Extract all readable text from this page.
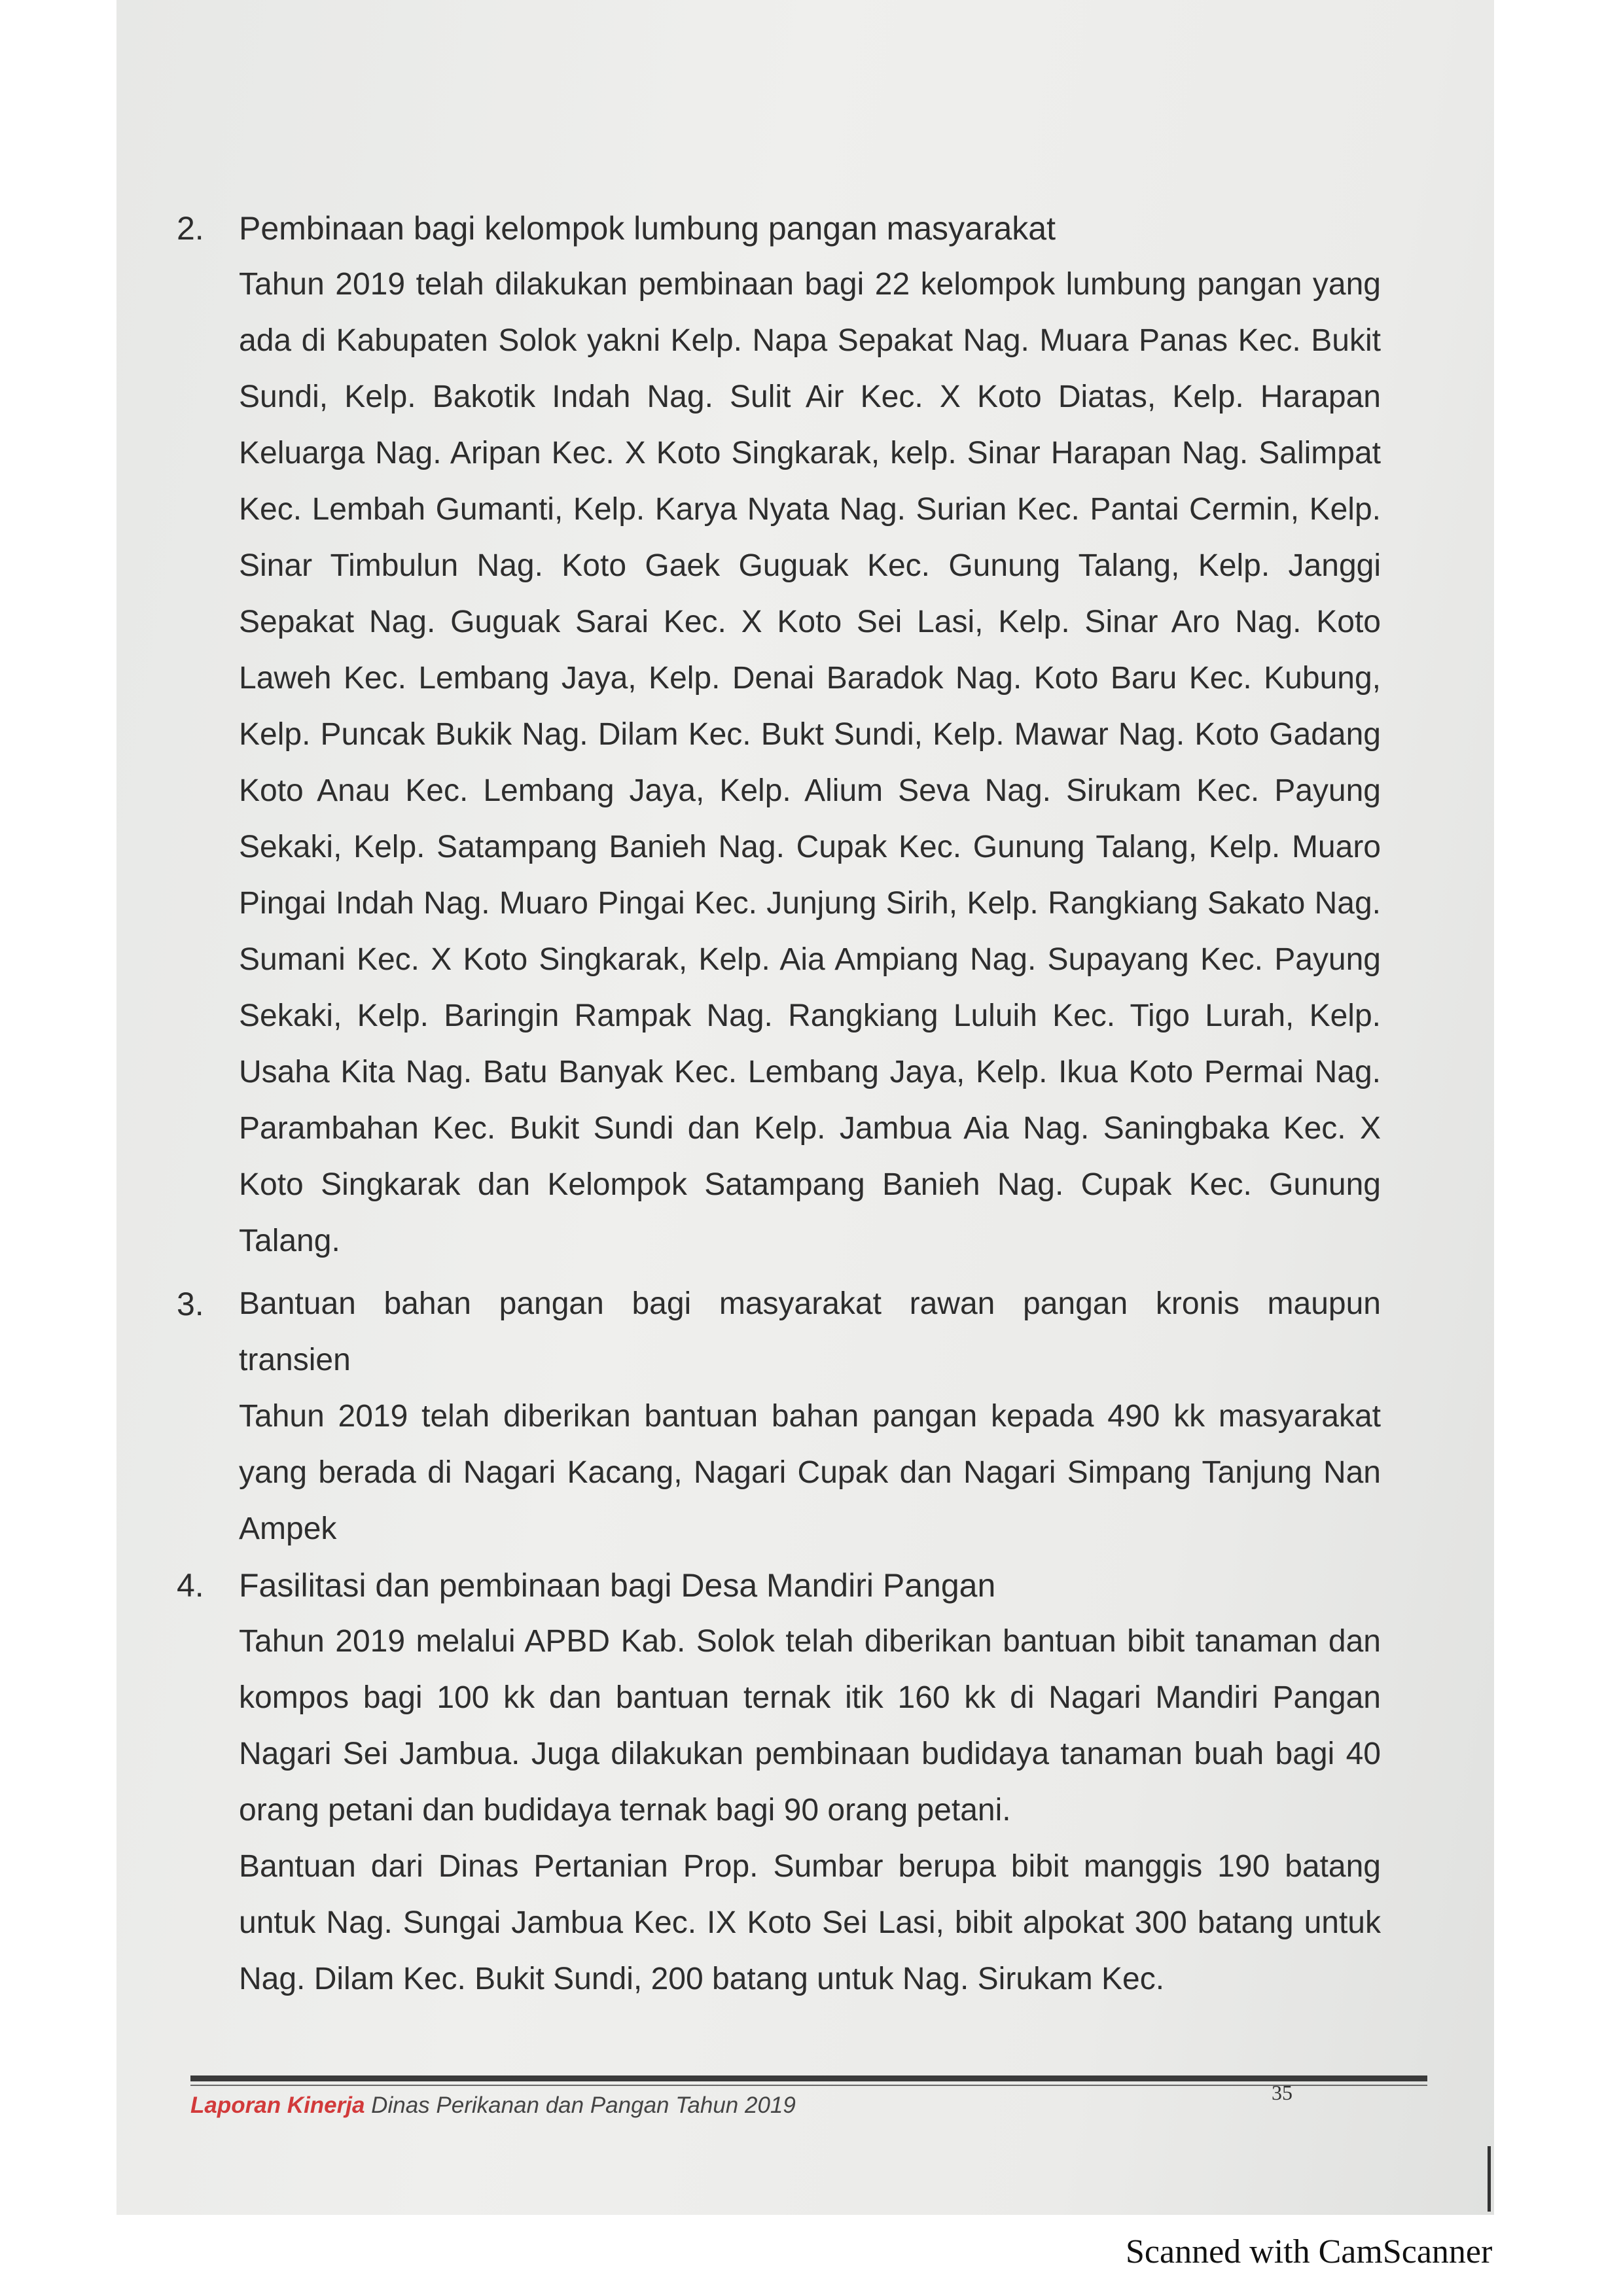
2. Pembinaan bagi kelompok lumbung pangan masyarakat

Tahun 2019 telah dilakukan pembinaan bagi 22 kelompok lumbung pangan yang ada di Kabupaten Solok yakni Kelp. Napa Sepakat Nag. Muara Panas Kec. Bukit Sundi, Kelp. Bakotik Indah Nag. Sulit Air Kec. X Koto Diatas, Kelp. Harapan Keluarga Nag. Aripan Kec. X Koto Singkarak, kelp. Sinar Harapan Nag. Salimpat Kec. Lembah Gumanti, Kelp. Karya Nyata Nag. Surian Kec. Pantai Cermin, Kelp. Sinar Timbulun Nag. Koto Gaek Guguak Kec. Gunung Talang, Kelp. Janggi Sepakat Nag. Guguak Sarai Kec. X Koto Sei Lasi, Kelp. Sinar Aro Nag. Koto Laweh Kec. Lembang Jaya, Kelp. Denai Baradok Nag. Koto Baru Kec. Kubung, Kelp. Puncak Bukik Nag. Dilam Kec. Bukt Sundi, Kelp. Mawar Nag. Koto Gadang Koto Anau Kec. Lembang Jaya, Kelp. Alium Seva Nag. Sirukam Kec. Payung Sekaki, Kelp. Satampang Banieh Nag. Cupak Kec. Gunung Talang, Kelp. Muaro Pingai Indah Nag. Muaro Pingai Kec. Junjung Sirih, Kelp. Rangkiang Sakato Nag. Sumani Kec. X Koto Singkarak, Kelp. Aia Ampiang Nag. Supayang Kec. Payung Sekaki, Kelp. Baringin Rampak Nag. Rangkiang Luluih Kec. Tigo Lurah, Kelp. Usaha Kita Nag. Batu Banyak Kec. Lembang Jaya, Kelp. Ikua Koto Permai Nag. Parambahan Kec. Bukit Sundi dan Kelp. Jambua Aia Nag. Saningbaka Kec. X Koto Singkarak dan Kelompok Satampang Banieh Nag. Cupak Kec. Gunung Talang.

3. Bantuan bahan pangan bagi masyarakat rawan pangan kronis maupun

transien

Tahun 2019 telah diberikan bantuan bahan pangan kepada 490 kk masyarakat yang berada di Nagari Kacang, Nagari Cupak dan Nagari Simpang Tanjung Nan Ampek

4. Fasilitasi dan pembinaan bagi Desa Mandiri Pangan

Tahun 2019 melalui APBD Kab. Solok telah diberikan bantuan bibit tanaman dan kompos bagi 100 kk dan bantuan ternak itik 160 kk di Nagari Mandiri Pangan Nagari Sei Jambua. Juga dilakukan pembinaan budidaya tanaman buah bagi 40 orang petani dan budidaya ternak bagi 90 orang petani.

Bantuan dari Dinas Pertanian Prop. Sumbar berupa bibit manggis 190 batang untuk Nag. Sungai Jambua Kec. IX Koto Sei Lasi, bibit alpokat 300 batang untuk Nag. Dilam Kec. Bukit Sundi, 200 batang untuk Nag. Sirukam Kec.

Laporan Kinerja Dinas Perikanan dan Pangan Tahun 2019	35
Scanned with CamScanner
